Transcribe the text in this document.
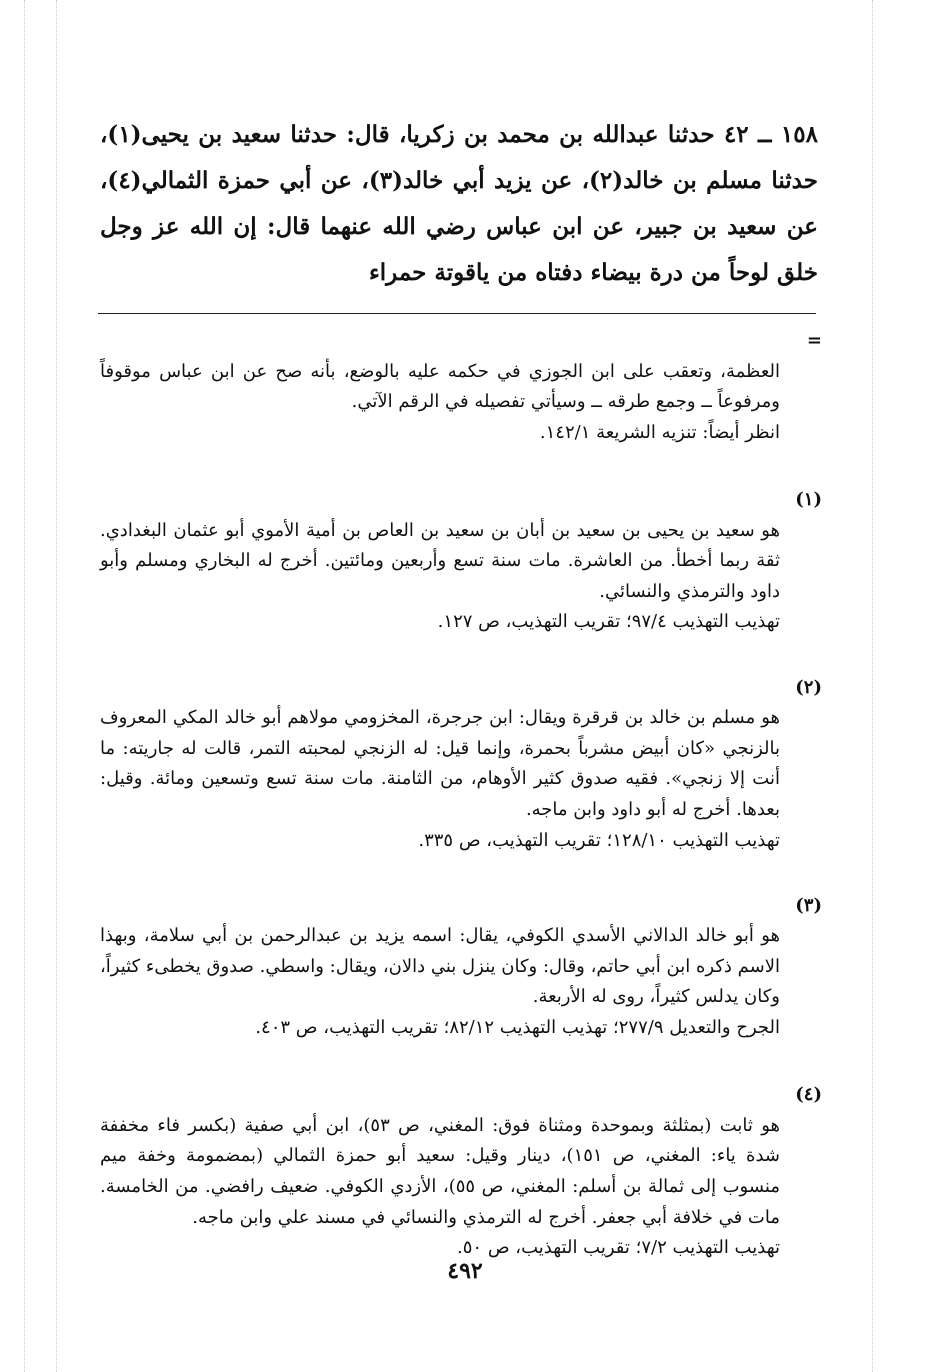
١٥٨ ــ ٤٢ حدثنا عبدالله بن محمد بن زكريا، قال: حدثنا سعيد بن يحيى(١)، حدثنا مسلم بن خالد(٢)، عن يزيد أبي خالد(٣)، عن أبي حمزة الثمالي(٤)، عن سعيد بن جبير، عن ابن عباس رضي الله عنهما قال: إن الله عز وجل خلق لوحاً من درة بيضاء دفتاه من ياقوتة حمراء

=

العظمة، وتعقب على ابن الجوزي في حكمه عليه بالوضع، بأنه صح عن ابن عباس موقوفاً ومرفوعاً ــ وجمع طرقه ــ وسيأتي تفصيله في الرقم الآتي.

انظر أيضاً: تنزيه الشريعة ١٤٢/١.

(١)

هو سعيد بن يحيى بن سعيد بن أبان بن سعيد بن العاص بن أمية الأموي أبو عثمان البغدادي. ثقة ربما أخطأ. من العاشرة. مات سنة تسع وأربعين ومائتين. أخرج له البخاري ومسلم وأبو داود والترمذي والنسائي.

تهذيب التهذيب ٩٧/٤؛ تقريب التهذيب، ص ١٢٧.

(٢)

هو مسلم بن خالد بن قرقرة ويقال: ابن جرجرة، المخزومي مولاهم أبو خالد المكي المعروف بالزنجي «كان أبيض مشرباً بحمرة، وإنما قيل: له الزنجي لمحبته التمر، قالت له جاريته: ما أنت إلا زنجي». فقيه صدوق كثير الأوهام، من الثامنة. مات سنة تسع وتسعين ومائة. وقيل: بعدها. أخرج له أبو داود وابن ماجه.

تهذيب التهذيب ١٢٨/١٠؛ تقريب التهذيب، ص ٣٣٥.

(٣)

هو أبو خالد الدالاني الأسدي الكوفي، يقال: اسمه يزيد بن عبدالرحمن بن أبي سلامة، وبهذا الاسم ذكره ابن أبي حاتم، وقال: وكان ينزل بني دالان، ويقال: واسطي. صدوق يخطىء كثيراً، وكان يدلس كثيراً، روى له الأربعة.

الجرح والتعديل ٢٧٧/٩؛ تهذيب التهذيب ٨٢/١٢؛ تقريب التهذيب، ص ٤٠٣.

(٤)

هو ثابت (بمثلثة وبموحدة ومثناة فوق: المغني، ص ٥٣)، ابن أبي صفية (بكسر فاء مخففة شدة ياء: المغني، ص ١٥١)، دينار وقيل: سعيد أبو حمزة الثمالي (بمضمومة وخفة ميم منسوب إلى ثمالة بن أسلم: المغني، ص ٥٥)، الأزدي الكوفي. ضعيف رافضي. من الخامسة. مات في خلافة أبي جعفر. أخرج له الترمذي والنسائي في مسند علي وابن ماجه.

تهذيب التهذيب ٧/٢؛ تقريب التهذيب، ص ٥٠.

٤٩٢
